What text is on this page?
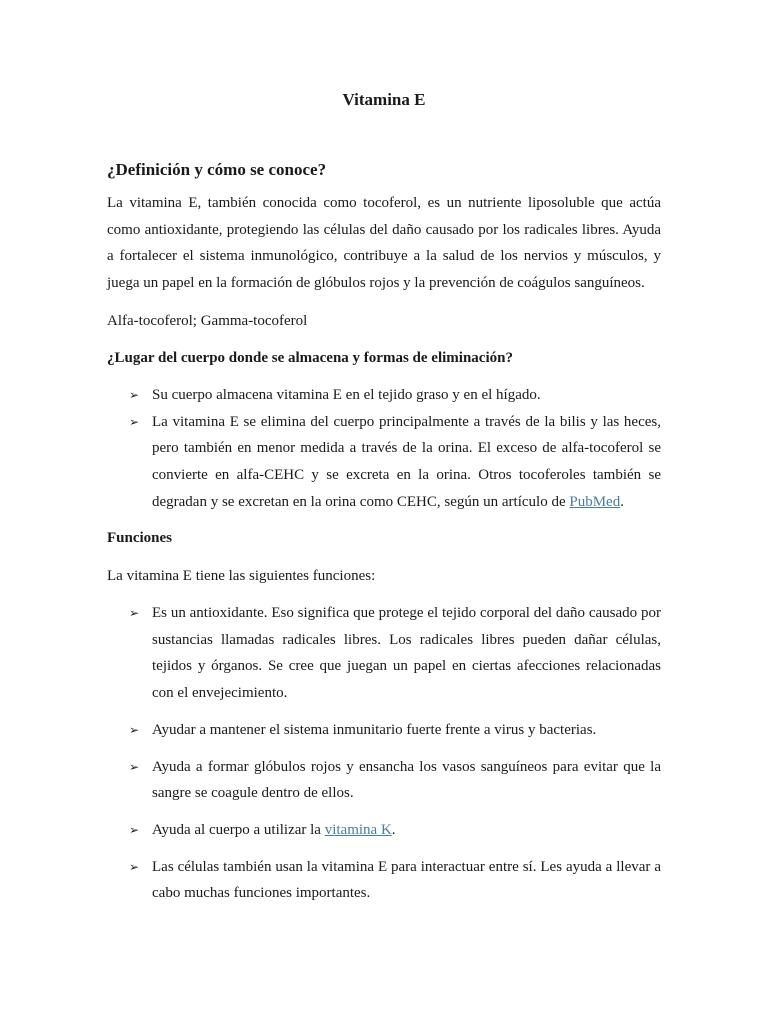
Vitamina E
¿Definición y cómo se conoce?

La vitamina E, también conocida como tocoferol, es un nutriente liposoluble que actúa como antioxidante, protegiendo las células del daño causado por los radicales libres. Ayuda a fortalecer el sistema inmunológico, contribuye a la salud de los nervios y músculos, y juega un papel en la formación de glóbulos rojos y la prevención de coágulos sanguíneos.

Alfa-tocoferol; Gamma-tocoferol

¿Lugar del cuerpo donde se almacena y formas de eliminación?

➢ Su cuerpo almacena vitamina E en el tejido graso y en el hígado.
➢ La vitamina E se elimina del cuerpo principalmente a través de la bilis y las heces, pero también en menor medida a través de la orina. El exceso de alfa-tocoferol se convierte en alfa-CEHC y se excreta en la orina. Otros tocoferoles también se degradan y se excretan en la orina como CEHC, según un artículo de PubMed.

Funciones

La vitamina E tiene las siguientes funciones:

➢ Es un antioxidante. Eso significa que protege el tejido corporal del daño causado por sustancias llamadas radicales libres. Los radicales libres pueden dañar células, tejidos y órganos. Se cree que juegan un papel en ciertas afecciones relacionadas con el envejecimiento.
➢ Ayudar a mantener el sistema inmunitario fuerte frente a virus y bacterias.
➢ Ayuda a formar glóbulos rojos y ensancha los vasos sanguíneos para evitar que la sangre se coagule dentro de ellos.
➢ Ayuda al cuerpo a utilizar la vitamina K.
➢ Las células también usan la vitamina E para interactuar entre sí. Les ayuda a llevar a cabo muchas funciones importantes.
